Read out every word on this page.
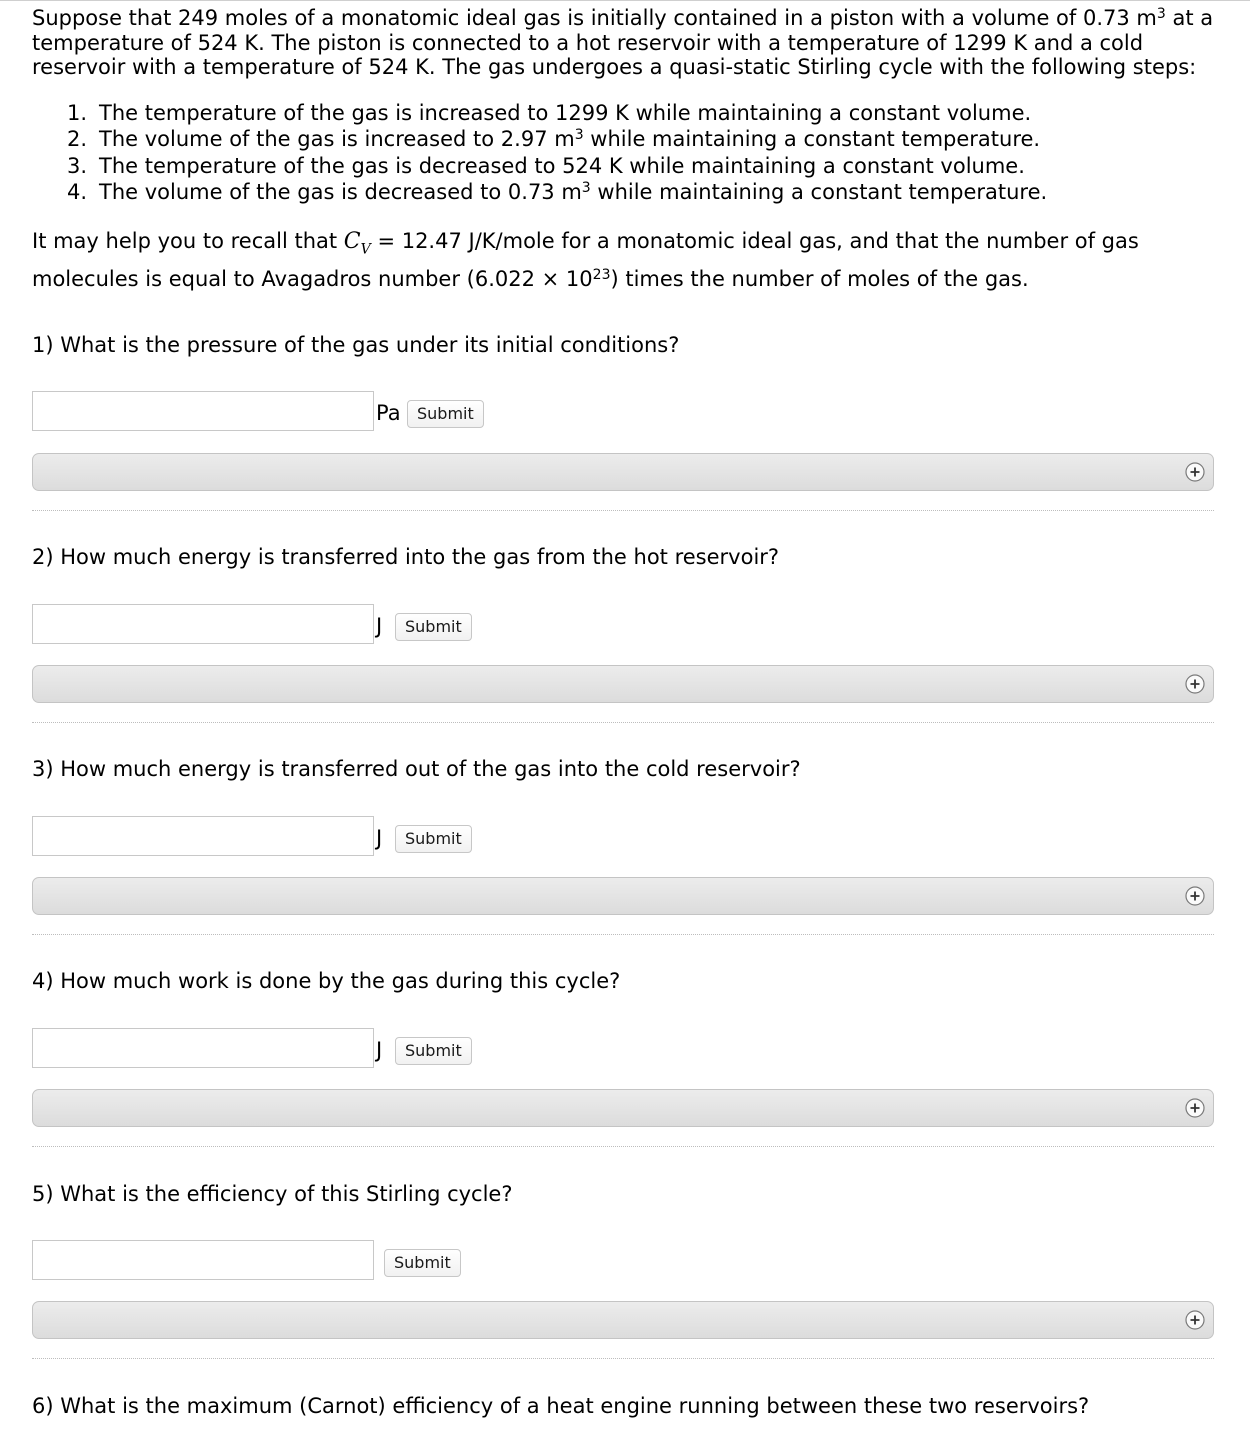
Suppose that 249 moles of a monatomic ideal gas is initially contained in a piston with a volume of 0.73 $m^3$ at a temperature of 524 K. The piston is connected to a hot reservoir with a temperature of 1299 K and a cold reservoir with a temperature of 524 K. The gas undergoes a quasi-static Stirling cycle with the following steps:

1. The temperature of the gas is increased to 1299 K while maintaining a constant volume.
2. The volume of the gas is increased to 2.97 $m^3$ while maintaining a constant temperature.
3. The temperature of the gas is decreased to 524 K while maintaining a constant volume.
4. The volume of the gas is decreased to 0.73 $m^3$ while maintaining a constant temperature.

It may help you to recall that $C_V = 12.47$ J/K/mole for a monatomic ideal gas, and that the number of gas molecules is equal to Avagadros number $(6.022 \times 10^{23})$ times the number of moles of the gas.

1) What is the pressure of the gas under its initial conditions?

Pa	Submit

2) How much energy is transferred into the gas from the hot reservoir?

J	Submit

3) How much energy is transferred out of the gas into the cold reservoir?

J	Submit

4) How much work is done by the gas during this cycle?

J	Submit

5) What is the efficiency of this Stirling cycle?

Submit

6) What is the maximum (Carnot) efficiency of a heat engine running between these two reservoirs?
